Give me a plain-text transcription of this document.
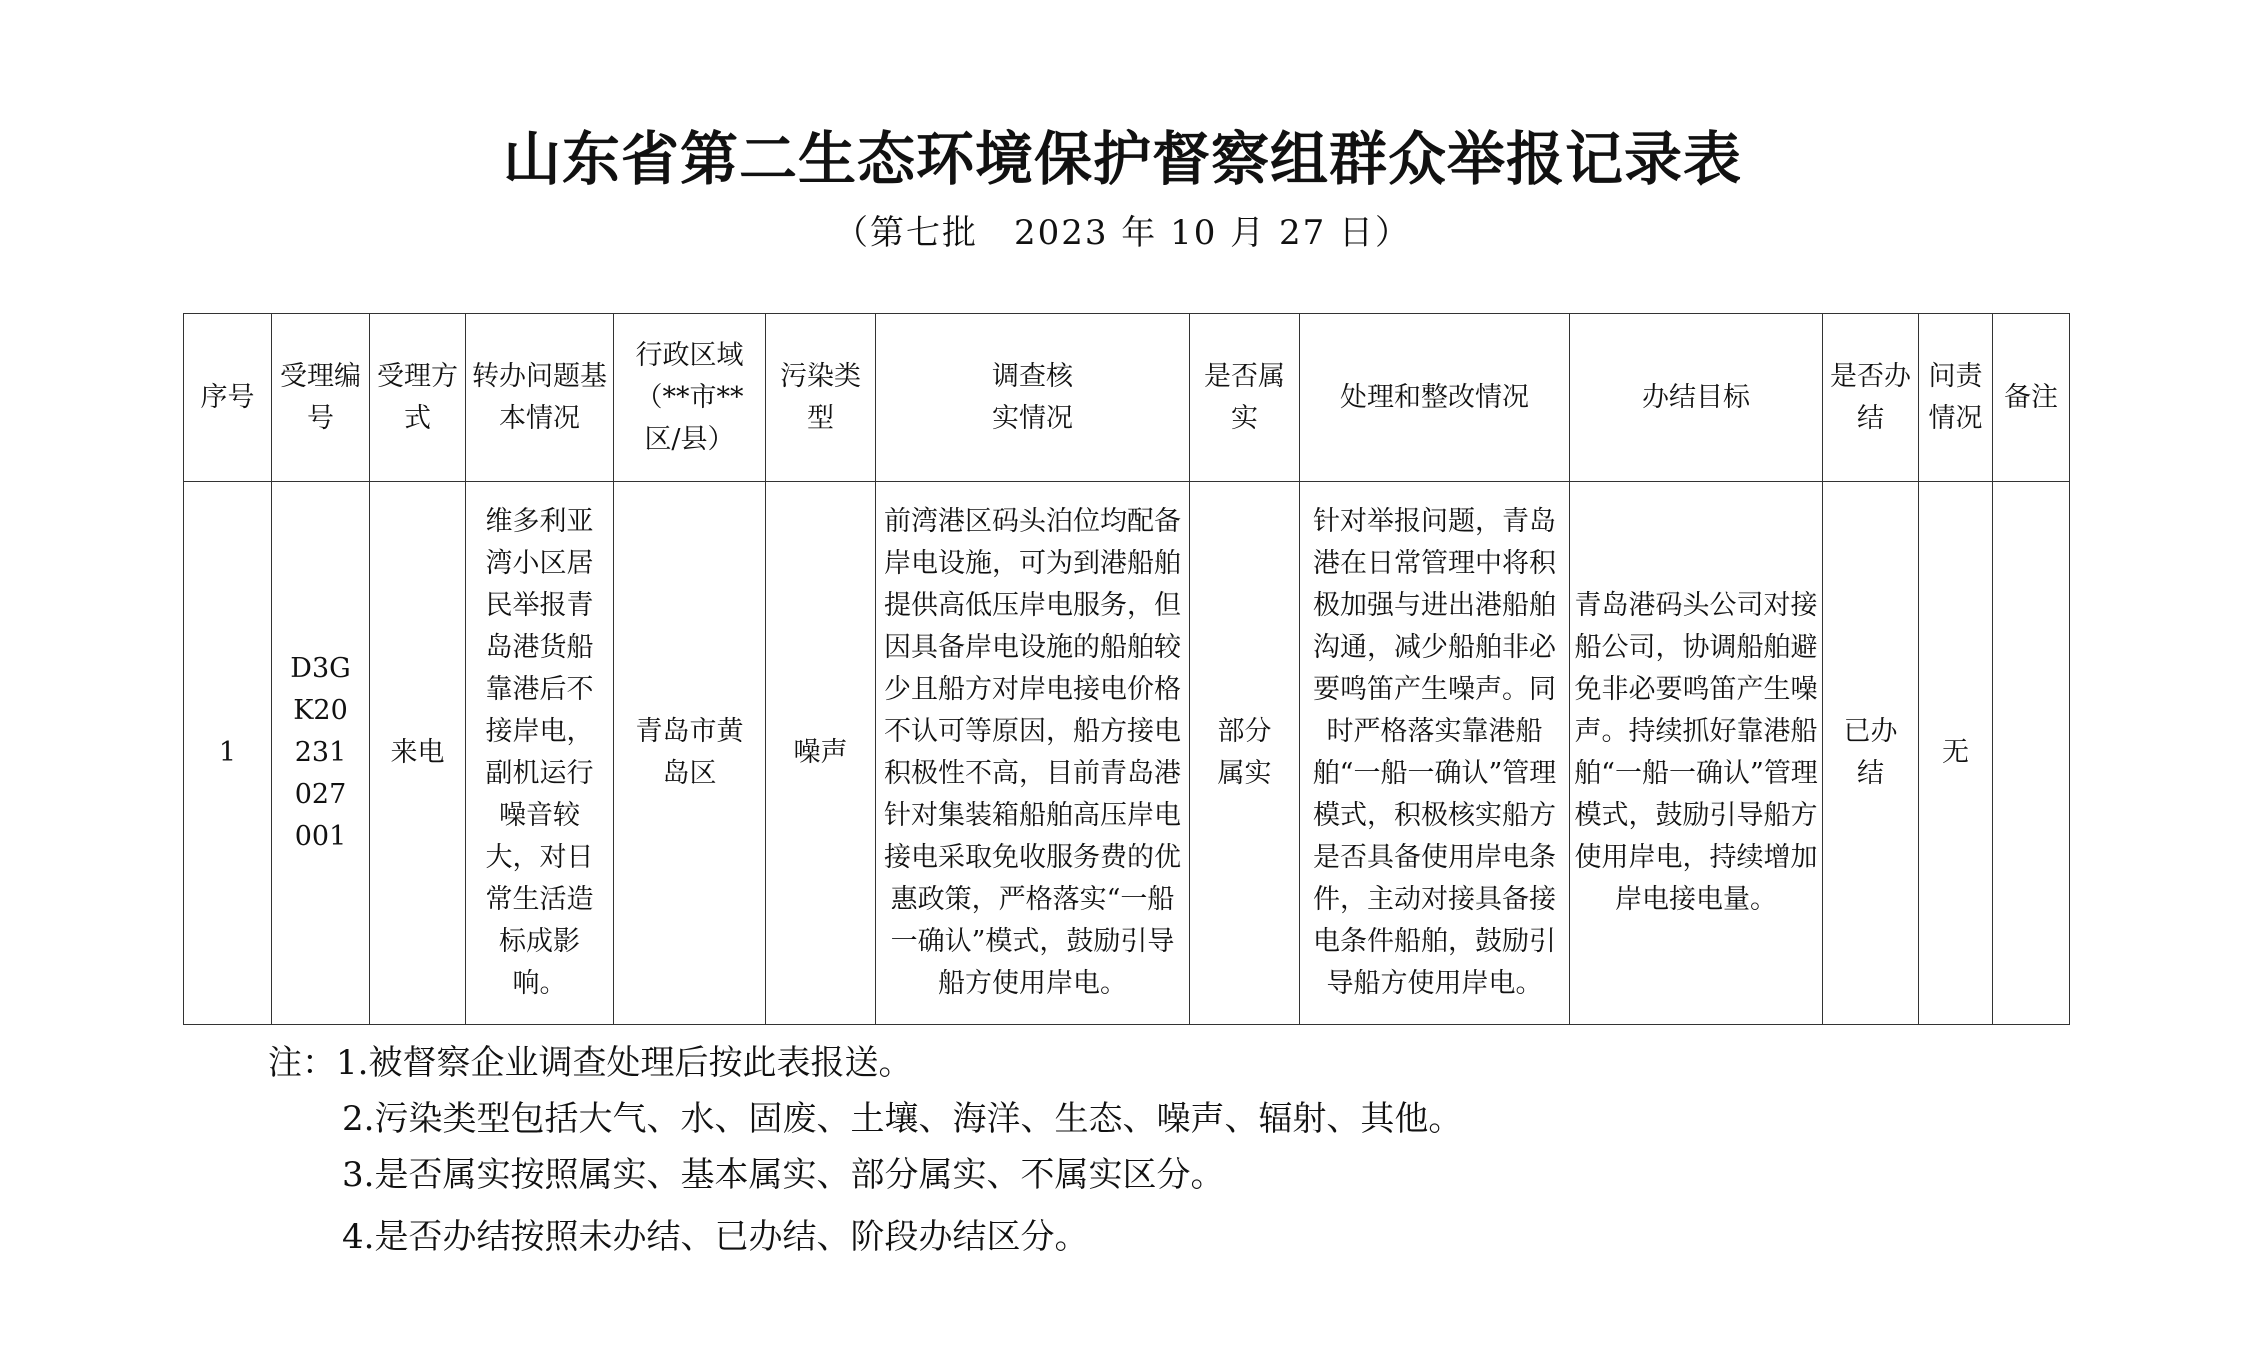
山东省第二生态环境保护督察组群众举报记录表
（第七批　2023 年 10 月 27 日）
序号	受理编号	受理方式	转办问题基本情况	行政区域（**市**区/县）	污染类型	调查核实情况	是否属实	处理和整改情况	办结目标	是否办结	问责情况	备注
1	D3GK20231027001	来电	维多利亚湾小区居民举报青岛港货船靠港后不接岸电，副机运行噪音较大，对日常生活造标成影响。	青岛市黄岛区	噪声	前湾港区码头泊位均配备岸电设施，可为到港船舶提供高低压岸电服务，但因具备岸电设施的船舶较少且船方对岸电接电价格不认可等原因，船方接电积极性不高，目前青岛港针对集装箱船舶高压岸电接电采取免收服务费的优惠政策，严格落实“一船一确认”模式，鼓励引导船方使用岸电。	部分属实	针对举报问题，青岛港在日常管理中将积极加强与进出港船舶沟通，减少船舶非必要鸣笛产生噪声。同时严格落实靠港船舶“一船一确认”管理模式，积极核实船方是否具备使用岸电条件，主动对接具备接电条件船舶，鼓励引导船方使用岸电。	青岛港码头公司对接船公司，协调船舶避免非必要鸣笛产生噪声。持续抓好靠港船舶“一船一确认”管理模式，鼓励引导船方使用岸电，持续增加岸电接电量。	已办结	无	
注：1.被督察企业调查处理后按此表报送。
2.污染类型包括大气、水、固废、土壤、海洋、生态、噪声、辐射、其他。
3.是否属实按照属实、基本属实、部分属实、不属实区分。
4.是否办结按照未办结、已办结、阶段办结区分。
